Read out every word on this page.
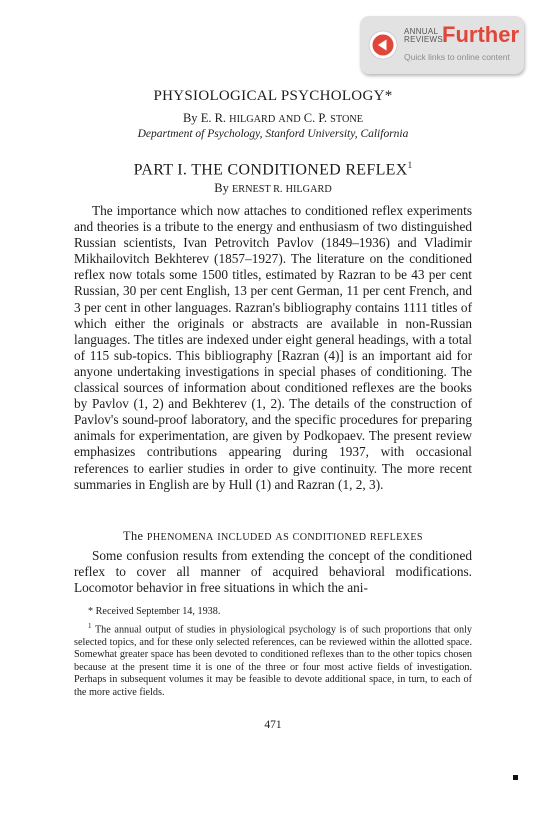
ANNUAL
REVIEWS Further
Quick links to online content
PHYSIOLOGICAL PSYCHOLOGY*
By E. R. HILGARD AND C. P. STONE
Department of Psychology, Stanford University, California
PART I. THE CONDITIONED REFLEX$^1$
By ERNEST R. HILGARD

The importance which now attaches to conditioned reflex experiments and theories is a tribute to the energy and enthusiasm of two distinguished Russian scientists, Ivan Petrovitch Pavlov (1849–1936) and Vladimir Mikhailovitch Bekhterev (1857–1927). The literature on the conditioned reflex now totals some 1500 titles, estimated by Razran to be 43 per cent Russian, 30 per cent English, 13 per cent German, 11 per cent French, and 3 per cent in other languages. Razran's bibliography contains 1111 titles of which either the originals or abstracts are available in non-Russian languages. The titles are indexed under eight general headings, with a total of 115 sub-topics. This bibliography [Razran (4)] is an important aid for anyone undertaking investigations in special phases of conditioning. The classical sources of information about conditioned reflexes are the books by Pavlov (1, 2) and Bekhterev (1, 2). The details of the construction of Pavlov's sound-proof laboratory, and the specific procedures for preparing animals for experimentation, are given by Podkopaev. The present review emphasizes contributions appearing during 1937, with occasional references to earlier studies in order to give continuity. The more recent summaries in English are by Hull (1) and Razran (1, 2, 3).

The PHENOMENA INCLUDED AS CONDITIONED REFLEXES

Some confusion results from extending the concept of the conditioned reflex to cover all manner of acquired behavioral modifications. Locomotor behavior in free situations in which the ani-

* Received September 14, 1938.

$^1$ The annual output of studies in physiological psychology is of such proportions that only selected topics, and for these only selected references, can be reviewed within the allotted space. Somewhat greater space has been devoted to conditioned reflexes than to the other topics chosen because at the present time it is one of the three or four most active fields of investigation. Perhaps in subsequent volumes it may be feasible to devote additional space, in turn, to each of the more active fields.

471
